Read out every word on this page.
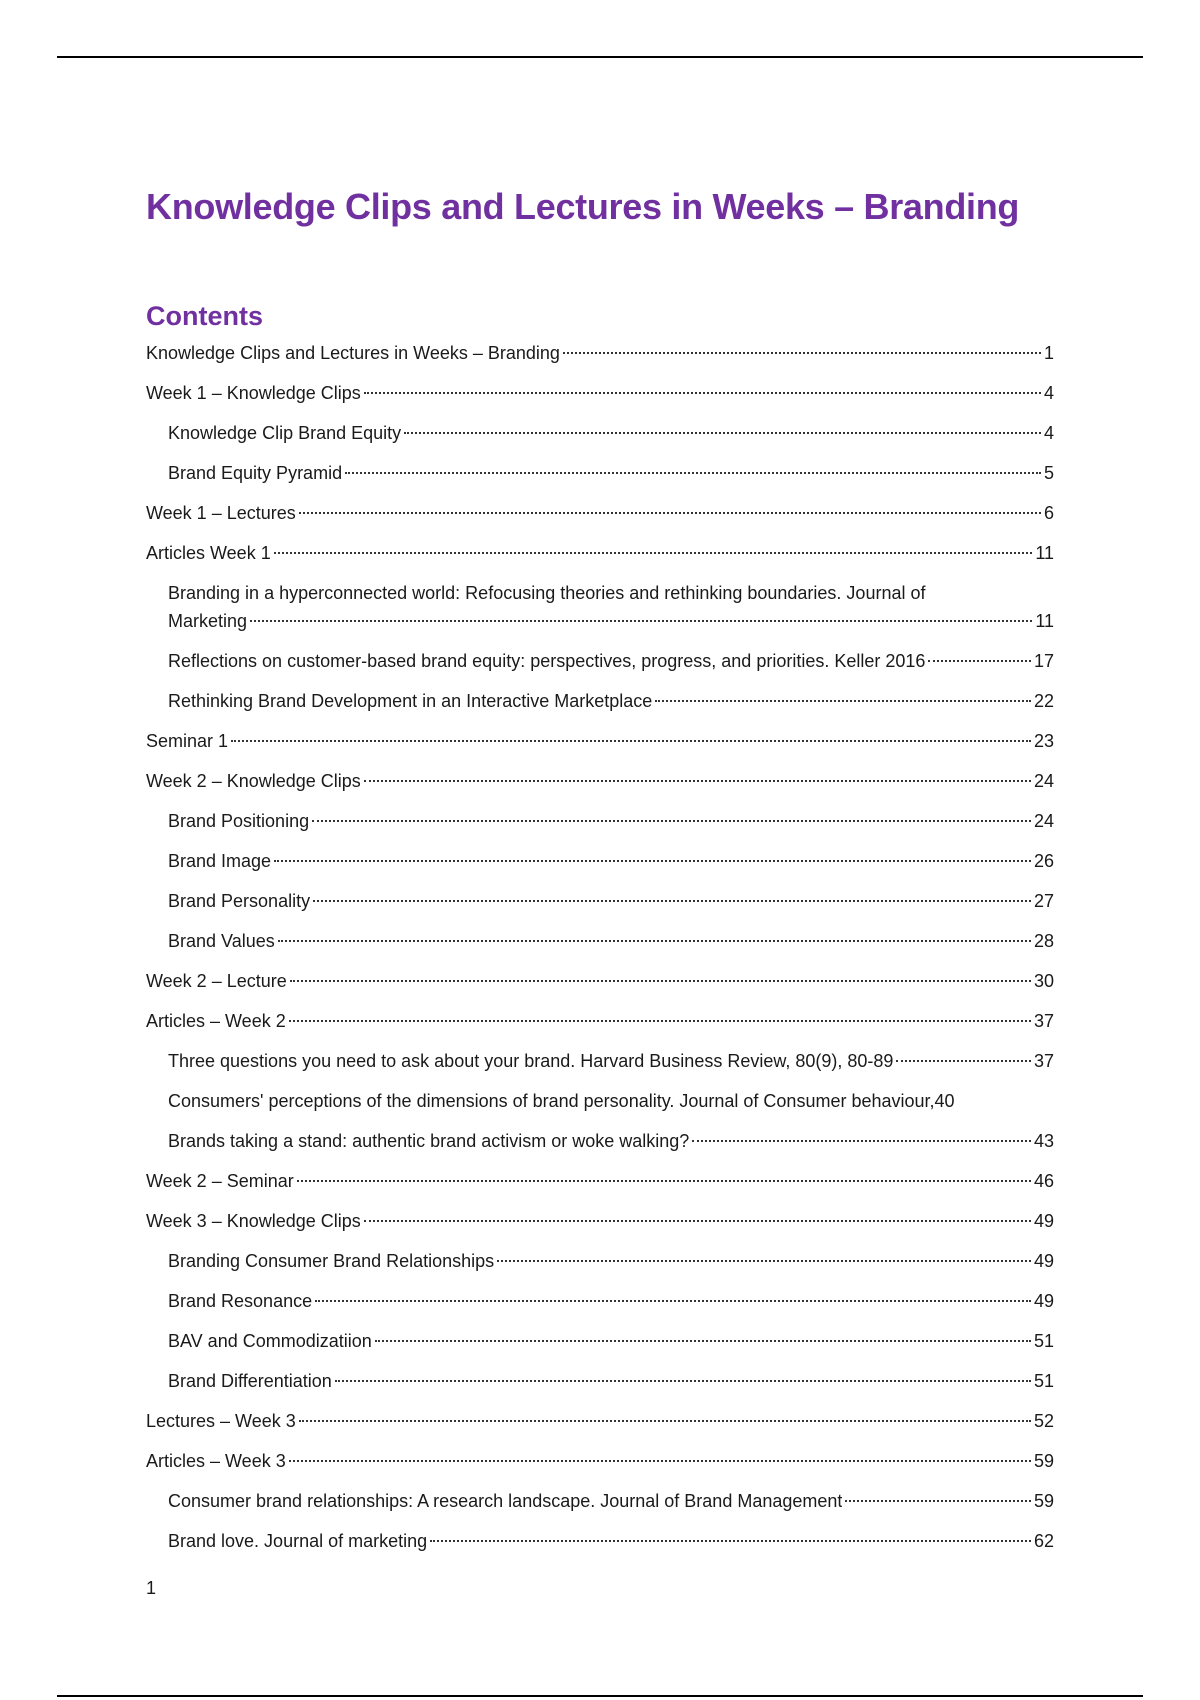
Knowledge Clips and Lectures in Weeks – Branding
Contents
Knowledge Clips and Lectures in Weeks – Branding	1
Week 1 – Knowledge Clips	4
Knowledge Clip Brand Equity	4
Brand Equity Pyramid	5
Week 1 – Lectures	6
Articles Week 1	11
Branding in a hyperconnected world: Refocusing theories and rethinking boundaries. Journal of
Marketing	11
Reflections on customer-based brand equity: perspectives, progress, and priorities. Keller 2016	17
Rethinking Brand Development in an Interactive Marketplace	22
Seminar 1	23
Week 2 – Knowledge Clips	24
Brand Positioning	24
Brand Image	26
Brand Personality	27
Brand Values	28
Week 2 – Lecture	30
Articles – Week 2	37
Three questions you need to ask about your brand. Harvard Business Review, 80(9), 80-89	37
Consumers' perceptions of the dimensions of brand personality. Journal of Consumer behaviour, 40
Brands taking a stand: authentic brand activism or woke walking?	43
Week 2 – Seminar	46
Week 3 – Knowledge Clips	49
Branding Consumer Brand Relationships	49
Brand Resonance	49
BAV and Commodizatiion	51
Brand Differentiation	51
Lectures – Week 3	52
Articles – Week 3	59
Consumer brand relationships: A research landscape. Journal of Brand Management	59
Brand love. Journal of marketing	62
1
